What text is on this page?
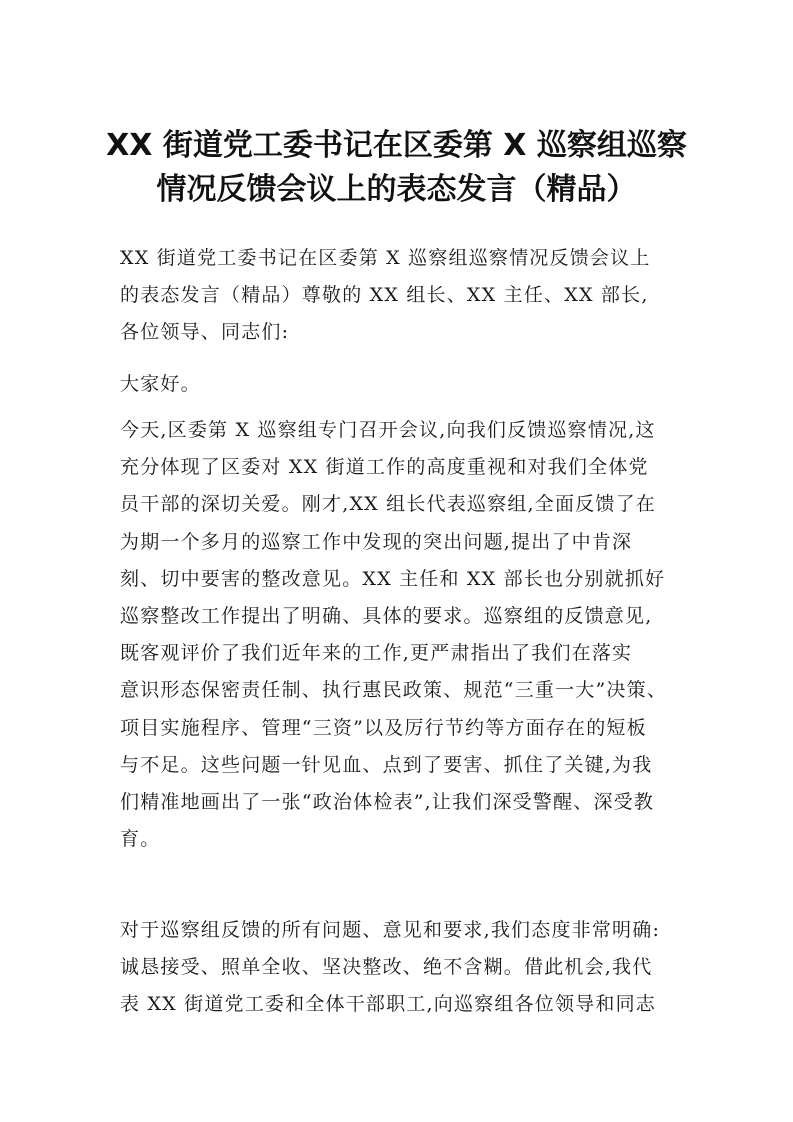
XX 街道党工委书记在区委第 X 巡察组巡察
情况反馈会议上的表态发言（精品）
XX 街道党工委书记在区委第 X 巡察组巡察情况反馈会议上
的表态发言（精品）尊敬的 XX 组长、XX 主任、XX 部长,
各位领导、同志们:
大家好。
今天,区委第 X 巡察组专门召开会议,向我们反馈巡察情况,这
充分体现了区委对 XX 街道工作的高度重视和对我们全体党
员干部的深切关爱。刚才,XX 组长代表巡察组,全面反馈了在
为期一个多月的巡察工作中发现的突出问题,提出了中肯深
刻、切中要害的整改意见。XX 主任和 XX 部长也分别就抓好
巡察整改工作提出了明确、具体的要求。巡察组的反馈意见,
既客观评价了我们近年来的工作,更严肃指出了我们在落实
意识形态保密责任制、执行惠民政策、规范“三重一大”决策、
项目实施程序、管理“三资”以及厉行节约等方面存在的短板
与不足。这些问题一针见血、点到了要害、抓住了关键,为我
们精准地画出了一张“政治体检表”,让我们深受警醒、深受教
育。
对于巡察组反馈的所有问题、意见和要求,我们态度非常明确:
诚恳接受、照单全收、坚决整改、绝不含糊。借此机会,我代
表 XX 街道党工委和全体干部职工,向巡察组各位领导和同志
